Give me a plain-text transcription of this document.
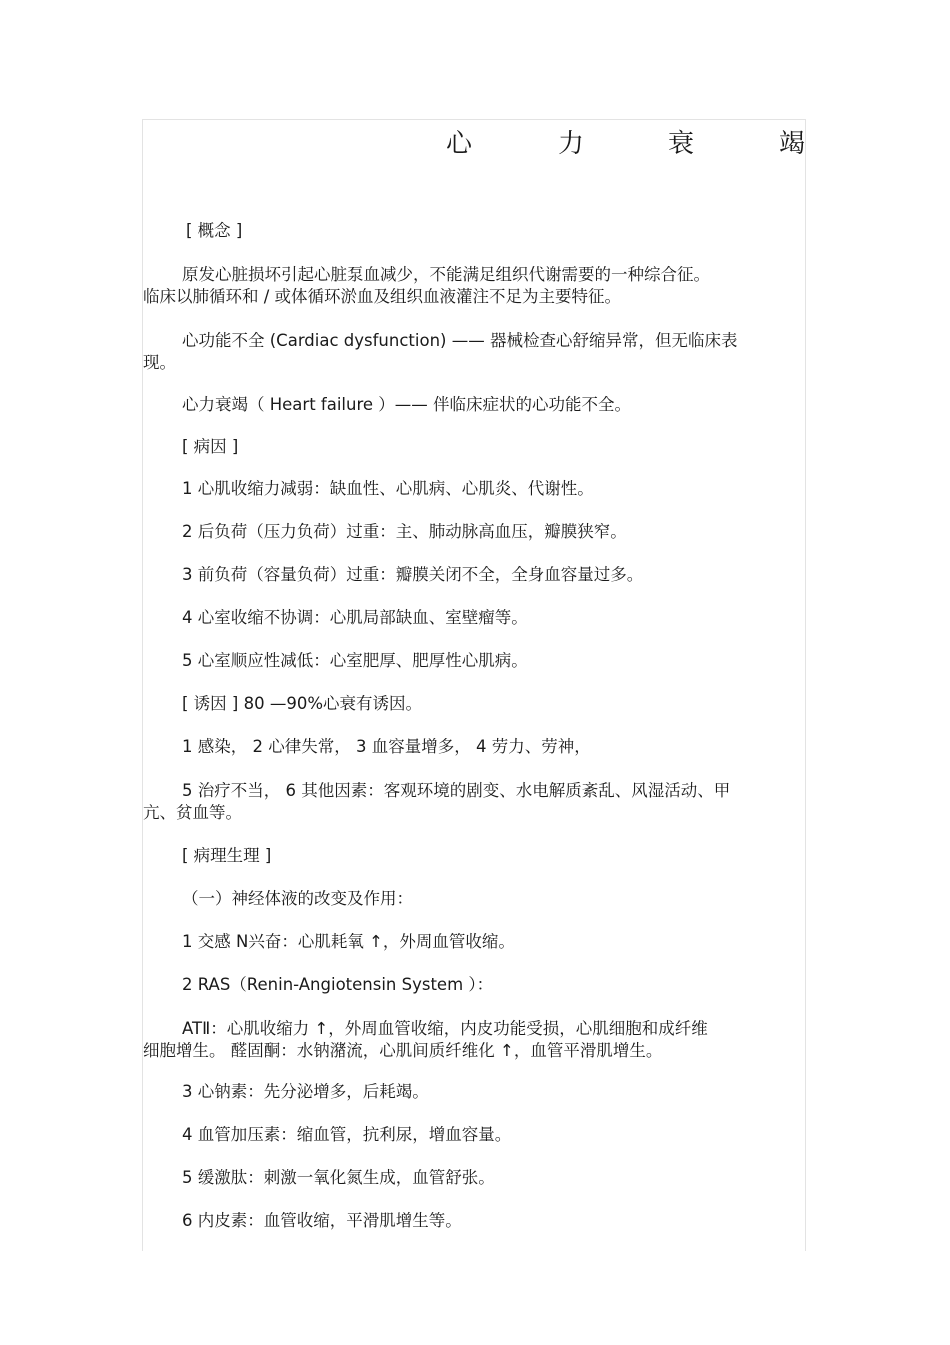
心	力	衰	竭
[ 概念 ]
原发心脏损坏引起心脏泵血减少，不能满足组织代谢需要的一种综合征。
临床以肺循环和 / 或体循环淤血及组织血液灌注不足为主要特征。
心功能不全 (Cardiac dysfunction) —— 器械检查心舒缩异常，但无临床表
现。
心力衰竭（ Heart failure ）—— 伴临床症状的心功能不全。
[ 病因 ]
1 心肌收缩力减弱：缺血性、心肌病、心肌炎、代谢性。
2 后负荷（压力负荷）过重：主、肺动脉高血压，瓣膜狭窄。
3 前负荷（容量负荷）过重：瓣膜关闭不全，全身血容量过多。
4 心室收缩不协调：心肌局部缺血、室壁瘤等。
5 心室顺应性减低：心室肥厚、肥厚性心肌病。
[ 诱因 ] 80 —90%心衰有诱因。
1 感染， 2 心律失常， 3 血容量增多， 4 劳力、劳神，
5 治疗不当， 6 其他因素：客观环境的剧变、水电解质紊乱、风湿活动、甲
亢、贫血等。
[ 病理生理 ]
（一）神经体液的改变及作用：
1 交感 N兴奋：心肌耗氧 ↑，外周血管收缩。
2 RAS（Renin-Angiotensin System ）：
ATⅡ：心肌收缩力 ↑，外周血管收缩，内皮功能受损，心肌细胞和成纤维
细胞增生。 醛固酮：水钠潴流，心肌间质纤维化 ↑，血管平滑肌增生。
3 心钠素：先分泌增多，后耗竭。
4 血管加压素：缩血管，抗利尿，增血容量。
5 缓激肽：刺激一氧化氮生成，血管舒张。
6 内皮素：血管收缩，平滑肌增生等。
